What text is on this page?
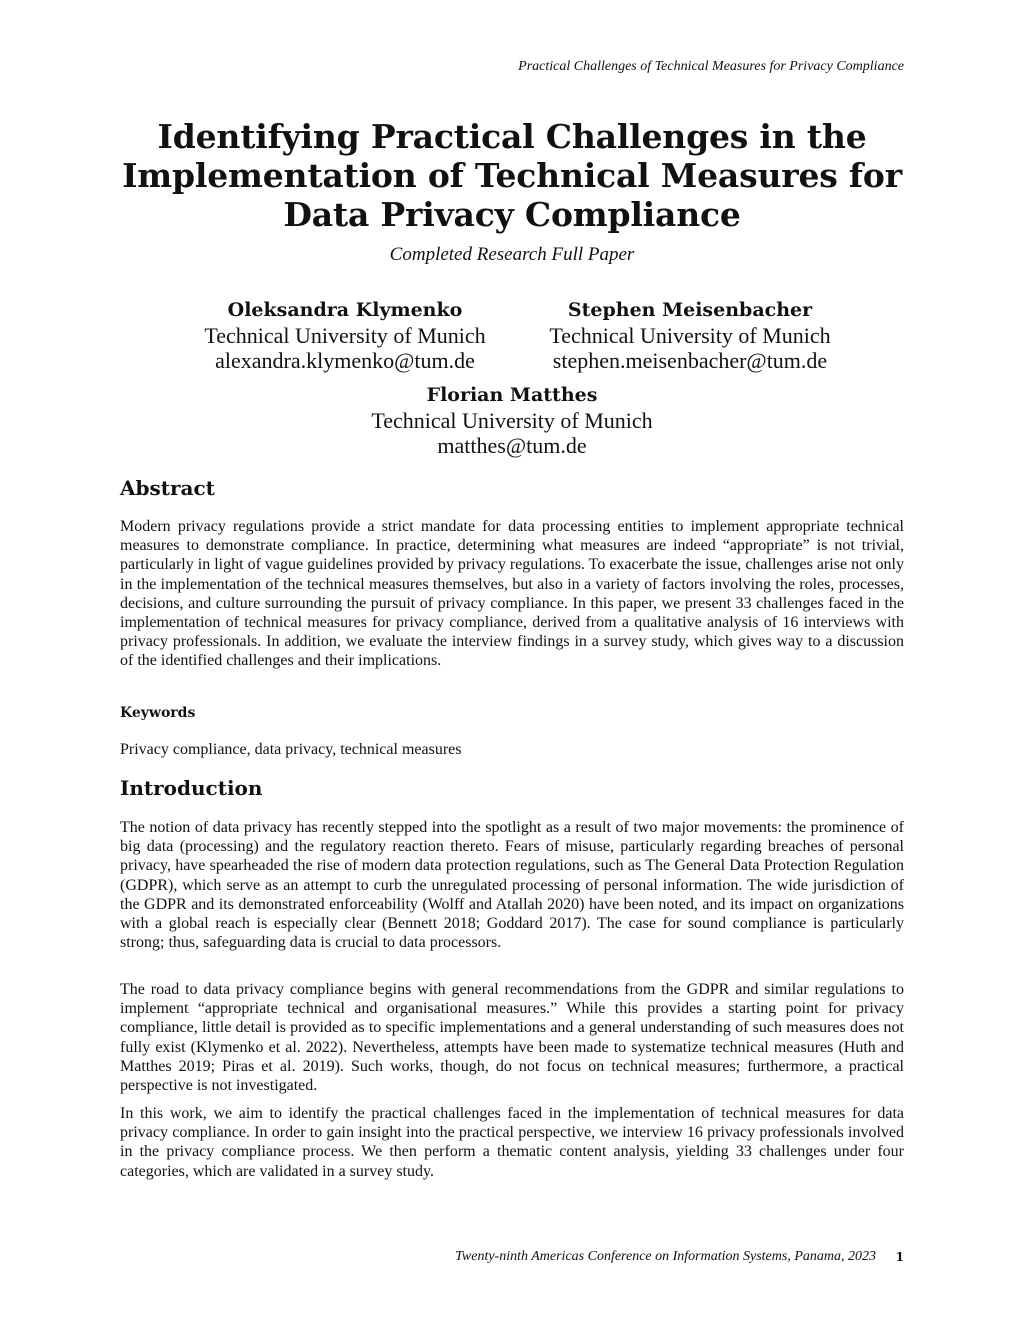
Practical Challenges of Technical Measures for Privacy Compliance
Identifying Practical Challenges in the
Implementation of Technical Measures for
Data Privacy Compliance
Completed Research Full Paper
Oleksandra Klymenko
Technical University of Munich
alexandra.klymenko@tum.de
Stephen Meisenbacher
Technical University of Munich
stephen.meisenbacher@tum.de
Florian Matthes
Technical University of Munich
matthes@tum.de
Abstract

Modern privacy regulations provide a strict mandate for data processing entities to implement appropriate technical measures to demonstrate compliance. In practice, determining what measures are indeed “appropriate” is not trivial, particularly in light of vague guidelines provided by privacy regulations. To exacerbate the issue, challenges arise not only in the implementation of the technical measures themselves, but also in a variety of factors involving the roles, processes, decisions, and culture surrounding the pursuit of privacy compliance. In this paper, we present 33 challenges faced in the implementation of technical measures for privacy compliance, derived from a qualitative analysis of 16 interviews with privacy professionals. In addition, we evaluate the interview findings in a survey study, which gives way to a discussion of the identified challenges and their implications.

Keywords

Privacy compliance, data privacy, technical measures

Introduction

The notion of data privacy has recently stepped into the spotlight as a result of two major movements: the prominence of big data (processing) and the regulatory reaction thereto. Fears of misuse, particularly regarding breaches of personal privacy, have spearheaded the rise of modern data protection regulations, such as The General Data Protection Regulation (GDPR), which serve as an attempt to curb the unregulated processing of personal information. The wide jurisdiction of the GDPR and its demonstrated enforceability (Wolff and Atallah 2020) have been noted, and its impact on organizations with a global reach is especially clear (Bennett 2018; Goddard 2017). The case for sound compliance is particularly strong; thus, safeguarding data is crucial to data processors.

The road to data privacy compliance begins with general recommendations from the GDPR and similar regulations to implement “appropriate technical and organisational measures.” While this provides a starting point for privacy compliance, little detail is provided as to specific implementations and a general understanding of such measures does not fully exist (Klymenko et al. 2022). Nevertheless, attempts have been made to systematize technical measures (Huth and Matthes 2019; Piras et al. 2019). Such works, though, do not focus on technical measures; furthermore, a practical perspective is not investigated.

In this work, we aim to identify the practical challenges faced in the implementation of technical measures for data privacy compliance. In order to gain insight into the practical perspective, we interview 16 privacy professionals involved in the privacy compliance process. We then perform a thematic content analysis, yielding 33 challenges under four categories, which are validated in a survey study.

Twenty-ninth Americas Conference on Information Systems, Panama, 2023 1
